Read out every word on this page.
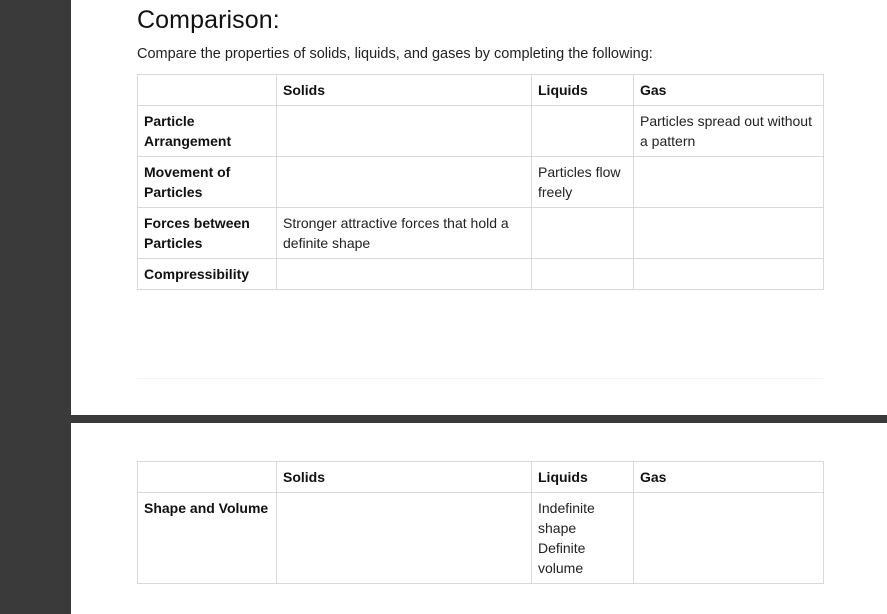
Comparison:

Compare the properties of solids, liquids, and gases by completing the following:

	Solids	Liquids	Gas
Particle Arrangement			Particles spread out without a pattern
Movement of Particles		Particles flow freely	
Forces between Particles	Stronger attractive forces that hold a definite shape		
Compressibility			
	Solids	Liquids	Gas
Shape and Volume		Indefinite shape Definite volume	
